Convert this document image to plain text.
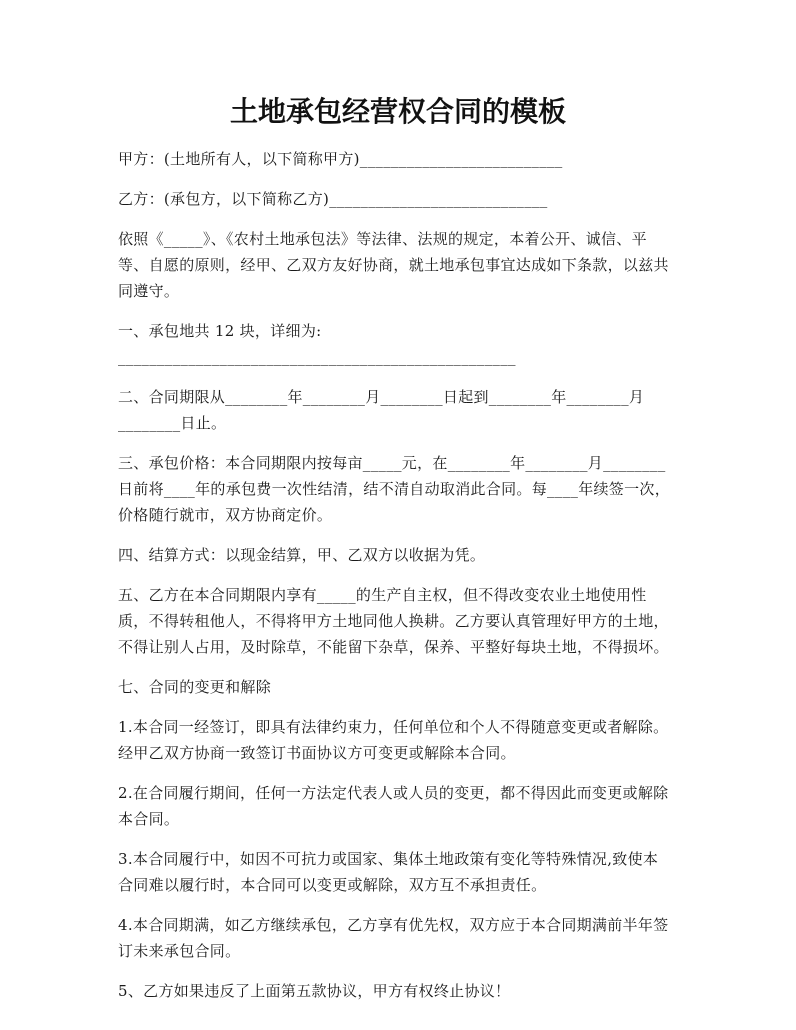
土地承包经营权合同的模板

甲方：(土地所有人，以下简称甲方)__________________________

乙方：(承包方，以下简称乙方)____________________________

依照《_____》、《农村土地承包法》等法律、法规的规定，本着公开、诚信、平
等、自愿的原则，经甲、乙双方友好协商，就土地承包事宜达成如下条款，以兹共
同遵守。

一、承包地共 12 块，详细为:
___________________________________________________

二、合同期限从________年________月________日起到________年________月
________日止。

三、承包价格：本合同期限内按每亩_____元，在________年________月________
日前将____年的承包费一次性结清，结不清自动取消此合同。每____年续签一次，
价格随行就市，双方协商定价。

四、结算方式：以现金结算，甲、乙双方以收据为凭。

五、乙方在本合同期限内享有_____的生产自主权，但不得改变农业土地使用性
质，不得转租他人，不得将甲方土地同他人换耕。乙方要认真管理好甲方的土地，
不得让别人占用，及时除草，不能留下杂草，保养、平整好每块土地，不得损坏。

七、合同的变更和解除

1.本合同一经签订，即具有法律约束力，任何单位和个人不得随意变更或者解除。
经甲乙双方协商一致签订书面协议方可变更或解除本合同。

2.在合同履行期间，任何一方法定代表人或人员的变更，都不得因此而变更或解除
本合同。

3.本合同履行中，如因不可抗力或国家、集体土地政策有变化等特殊情况,致使本
合同难以履行时，本合同可以变更或解除，双方互不承担责任。

4.本合同期满，如乙方继续承包，乙方享有优先权，双方应于本合同期满前半年签
订未来承包合同。

5、乙方如果违反了上面第五款协议，甲方有权终止协议！
